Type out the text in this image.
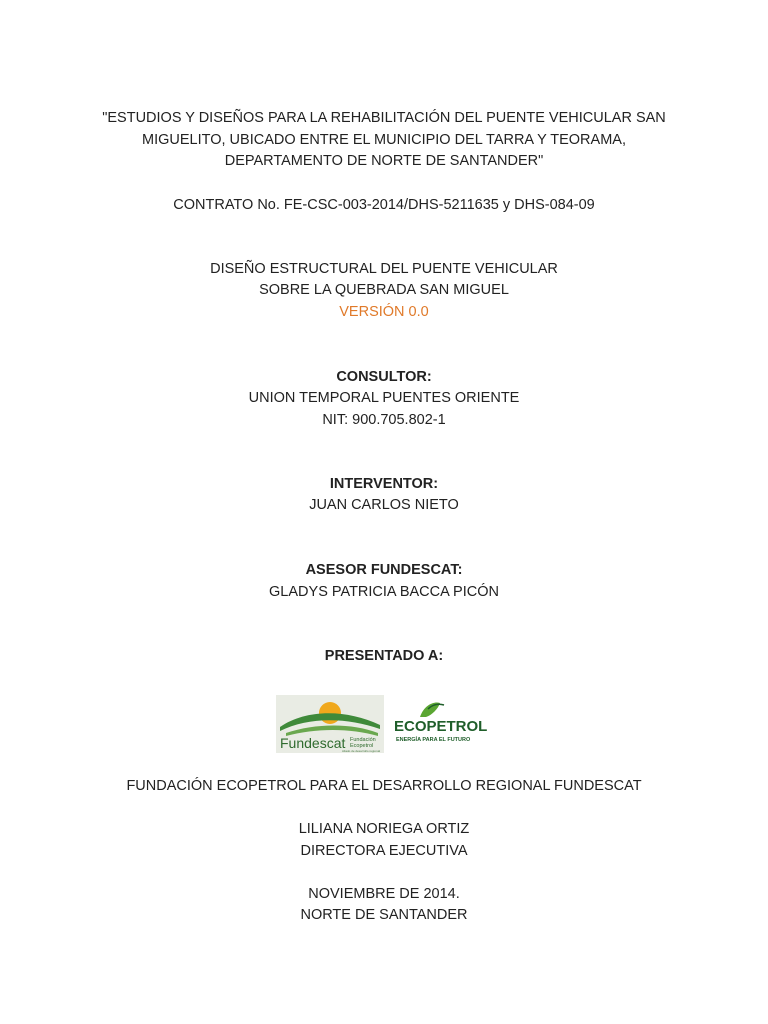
"ESTUDIOS Y DISEÑOS PARA LA REHABILITACIÓN DEL PUENTE VEHICULAR SAN
MIGUELITO, UBICADO ENTRE EL MUNICIPIO DEL TARRA Y TEORAMA,
DEPARTAMENTO DE NORTE DE SANTANDER"
CONTRATO No. FE-CSC-003-2014/DHS-5211635 y DHS-084-09
DISEÑO ESTRUCTURAL DEL PUENTE VEHICULAR
SOBRE LA QUEBRADA SAN MIGUEL
VERSIÓN 0.0
CONSULTOR:
UNION TEMPORAL PUENTES ORIENTE
NIT: 900.705.802-1
INTERVENTOR:
JUAN CARLOS NIETO
ASESOR FUNDESCAT:
GLADYS PATRICIA BACCA PICÓN
PRESENTADO A:
Fundescat Fundación
Ecopetrol
Aliado de desarrollo regional
ECOPETROL
ENERGÍA PARA EL FUTURO
FUNDACIÓN ECOPETROL PARA EL DESARROLLO REGIONAL FUNDESCAT
LILIANA NORIEGA ORTIZ
DIRECTORA EJECUTIVA
NOVIEMBRE DE 2014.
NORTE DE SANTANDER
